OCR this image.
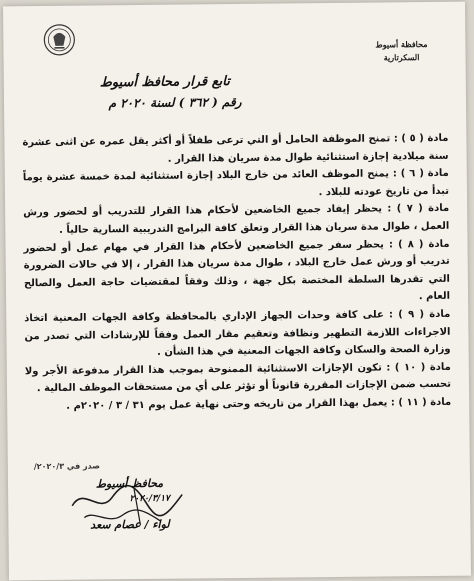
محافظة أسيوط
السكرتارية
تابع قرار محافظ أسيوط
رقم ( ٣٦٢ ) لسنة ٢٠٢٠ م

مادة ( ٥ ) : تمنح الموظفة الحامل أو التي ترعى طفلاً أو أكثر يقل عمره عن اثنى عشرة سنة ميلادية إجازة استثنائية طوال مدة سريان هذا القرار .

مادة ( ٦ ) : يمنح الموظف العائد من خارج البلاد إجازة استثنائية لمدة خمسة عشرة يوماً تبدأ من تاريخ عودته للبلاد .

مادة ( ٧ ) : يحظر إيفاد جميع الخاضعين لأحكام هذا القرار للتدريب أو لحضور ورش العمل ، طوال مدة سريان هذا القرار وتعلق كافة البرامج التدريبية السارية حالياً .

مادة ( ٨ ) : يحظر سفر جميع الخاضعين لأحكام هذا القرار في مهام عمل أو لحضور تدريب أو ورش عمل خارج البلاد ، طوال مدة سريان هذا القرار ، إلا في حالات الضرورة التي تقدرها السلطة المختصة بكل جهة ، وذلك وفقاً لمقتضيات حاجة العمل والصالح العام .

مادة ( ٩ ) : على كافة وحدات الجهاز الإداري بالمحافظة وكافة الجهات المعنية اتخاذ الاجراءات اللازمة التطهير ونظافة وتعقيم مقار العمل وفقاً للإرشادات التي تصدر من وزارة الصحة والسكان وكافة الجهات المعنية في هذا الشأن .

مادة ( ١٠ ) : تكون الإجازات الاستثنائية الممنوحة بموجب هذا القرار مدفوعة الأجر ولا تحسب ضمن الإجازات المقررة قانوناً أو تؤثر على أي من مستحقات الموظف المالية .

مادة ( ١١ ) : يعمل بهذا القرار من تاريخه وحتى نهاية عمل يوم ٣١ / ٣ / ٢٠٢٠م .

صدر في ٢٠٢٠/٣/
محافظ أسيوط
٢٠٢٠/٣/١٧
لواء / عصام سعد
